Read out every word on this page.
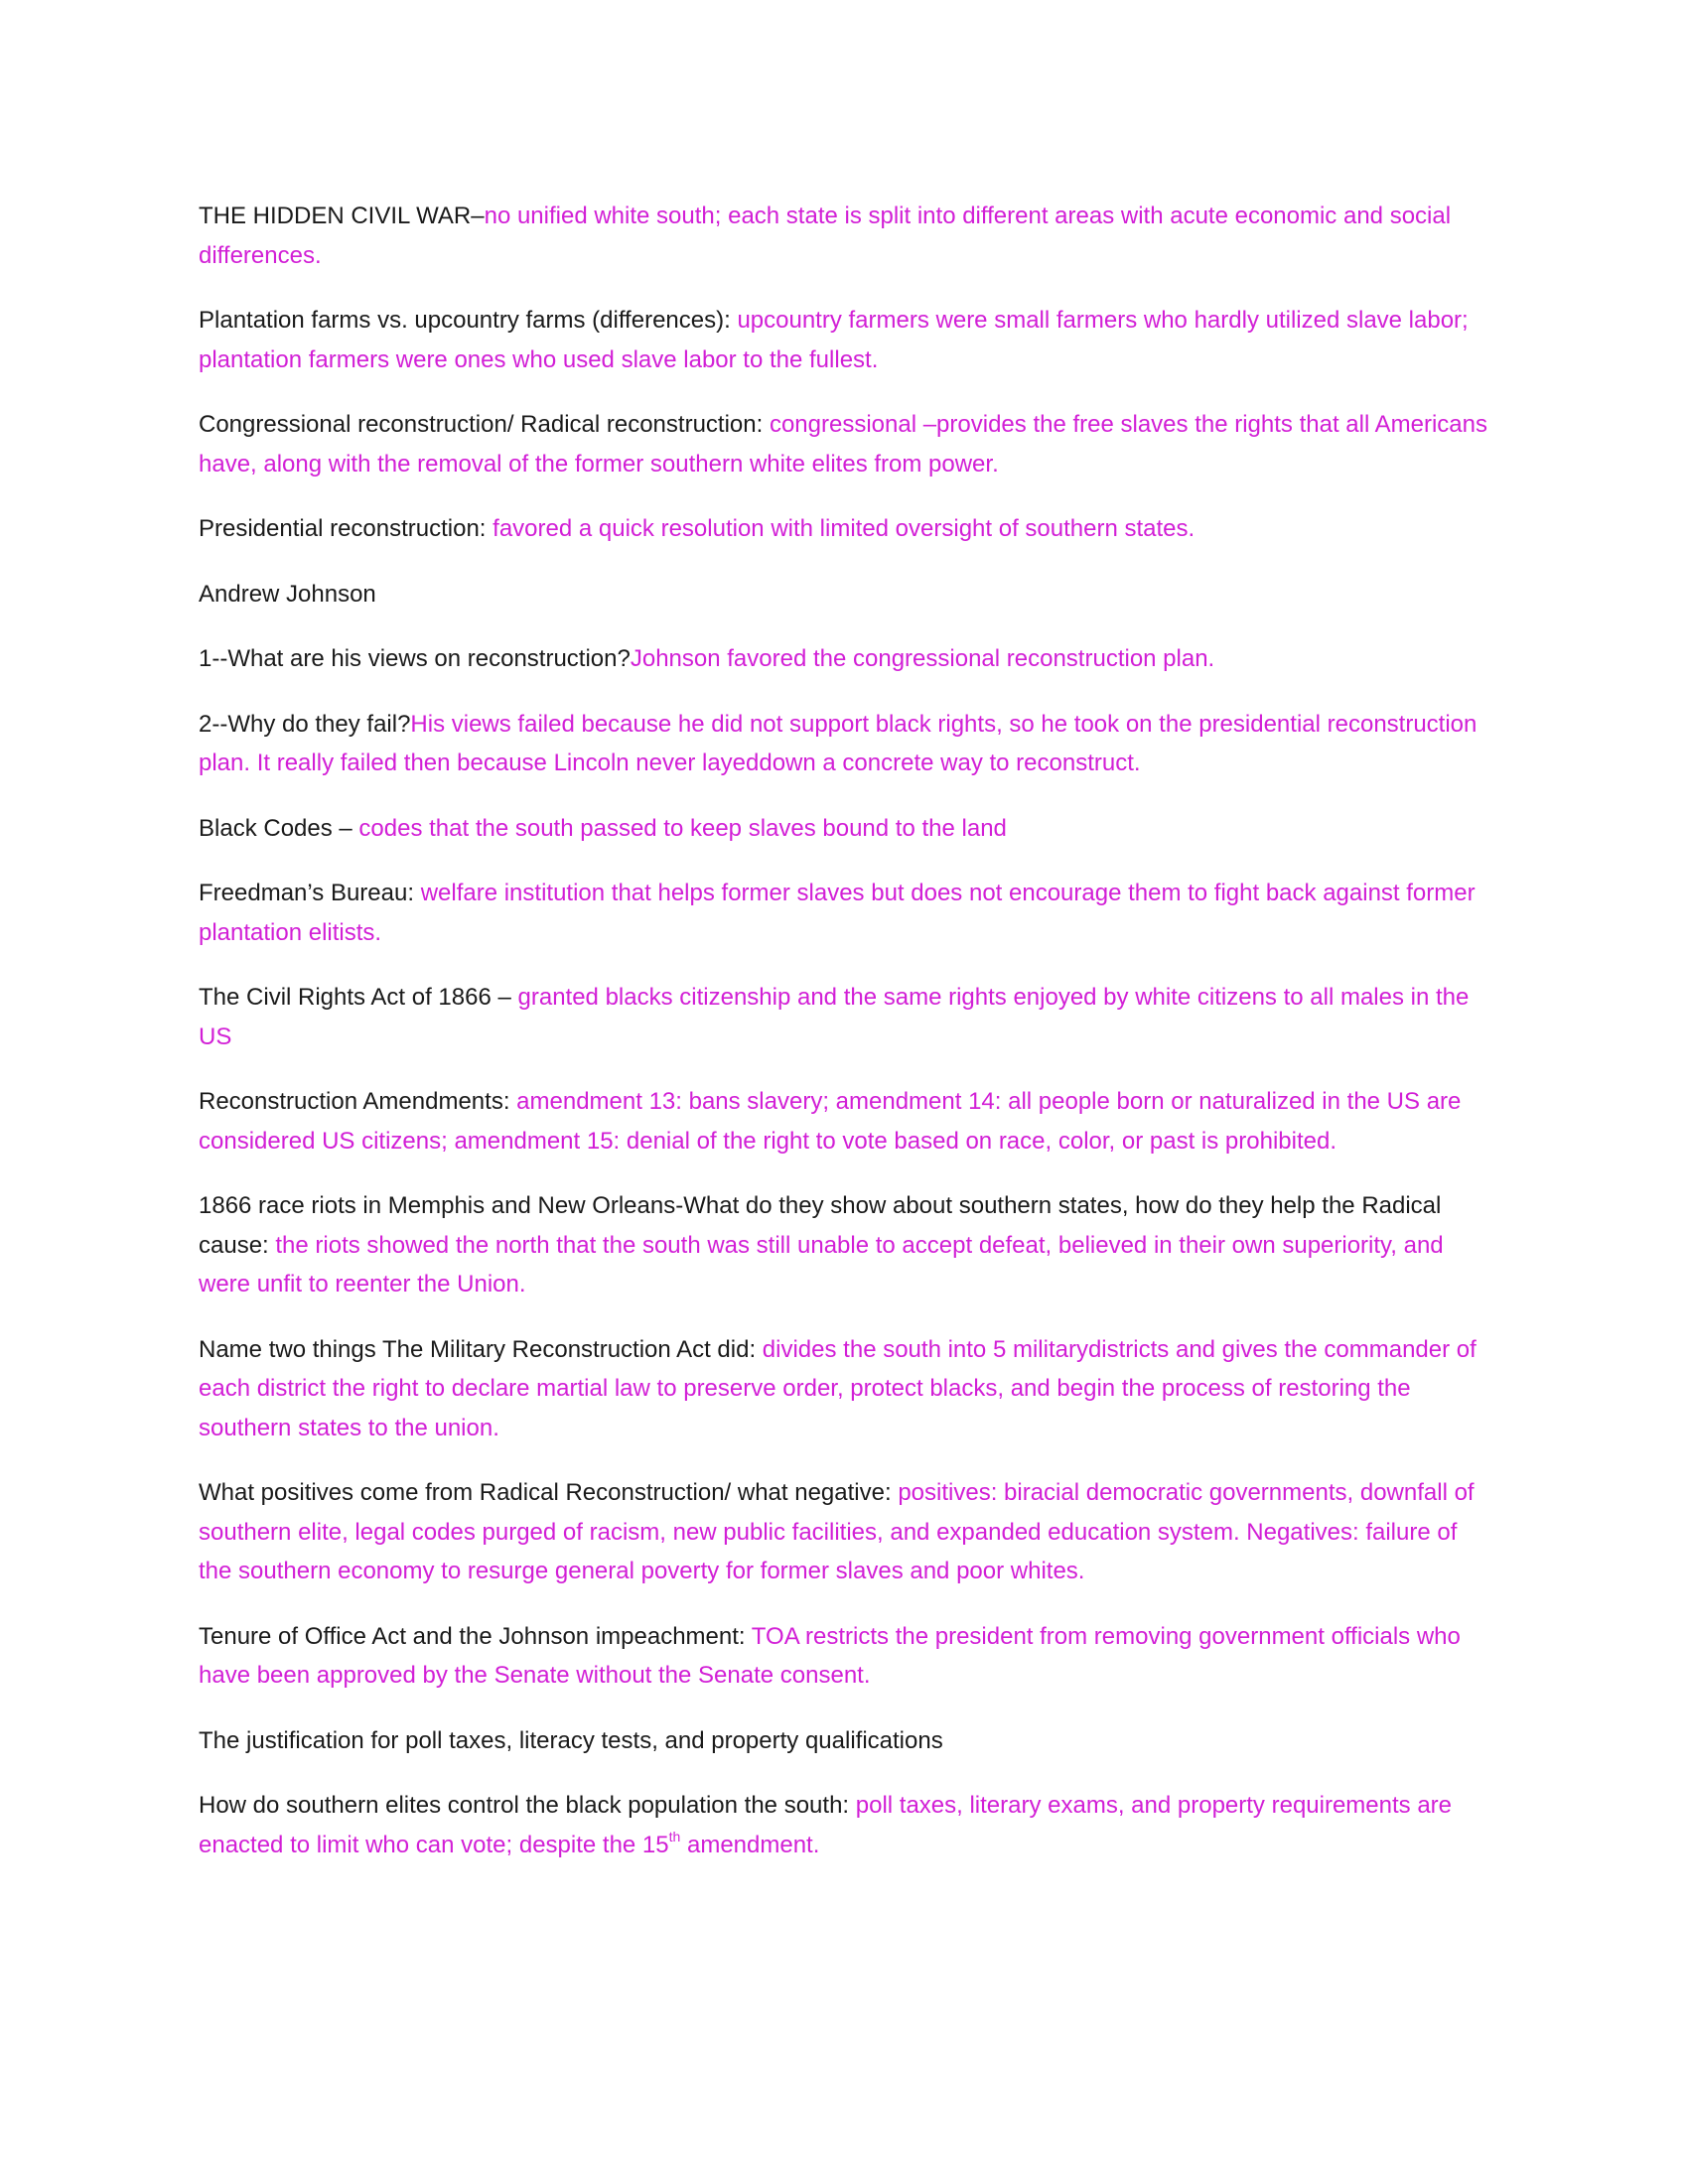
THE HIDDEN CIVIL WAR–no unified white south; each state is split into different areas with acute economic and social differences.

Plantation farms vs. upcountry farms (differences): upcountry farmers were small farmers who hardly utilized slave labor; plantation farmers were ones who used slave labor to the fullest.

Congressional reconstruction/ Radical reconstruction: congressional –provides the free slaves the rights that all Americans have, along with the removal of the former southern white elites from power.

Presidential reconstruction: favored a quick resolution with limited oversight of southern states.

Andrew Johnson

1--What are his views on reconstruction?Johnson favored the congressional reconstruction plan.

2--Why do they fail?His views failed because he did not support black rights, so he took on the presidential reconstruction plan. It really failed then because Lincoln never layeddown a concrete way to reconstruct.

Black Codes – codes that the south passed to keep slaves bound to the land

Freedman’s Bureau: welfare institution that helps former slaves but does not encourage them to fight back against former plantation elitists.

The Civil Rights Act of 1866 – granted blacks citizenship and the same rights enjoyed by white citizens to all males in the US

Reconstruction Amendments: amendment 13: bans slavery; amendment 14: all people born or naturalized in the US are considered US citizens; amendment 15: denial of the right to vote based on race, color, or past is prohibited.

1866 race riots in Memphis and New Orleans-What do they show about southern states, how do they help the Radical cause: the riots showed the north that the south was still unable to accept defeat, believed in their own superiority, and were unfit to reenter the Union.

Name two things The Military Reconstruction Act did: divides the south into 5 militarydistricts and gives the commander of each district the right to declare martial law to preserve order, protect blacks, and begin the process of restoring the southern states to the union.

What positives come from Radical Reconstruction/ what negative: positives: biracial democratic governments, downfall of southern elite, legal codes purged of racism, new public facilities, and expanded education system. Negatives: failure of the southern economy to resurge general poverty for former slaves and poor whites.

Tenure of Office Act and the Johnson impeachment: TOA restricts the president from removing government officials who have been approved by the Senate without the Senate consent.

The justification for poll taxes, literacy tests, and property qualifications

How do southern elites control the black population the south: poll taxes, literary exams, and property requirements are enacted to limit who can vote; despite the 15th amendment.
